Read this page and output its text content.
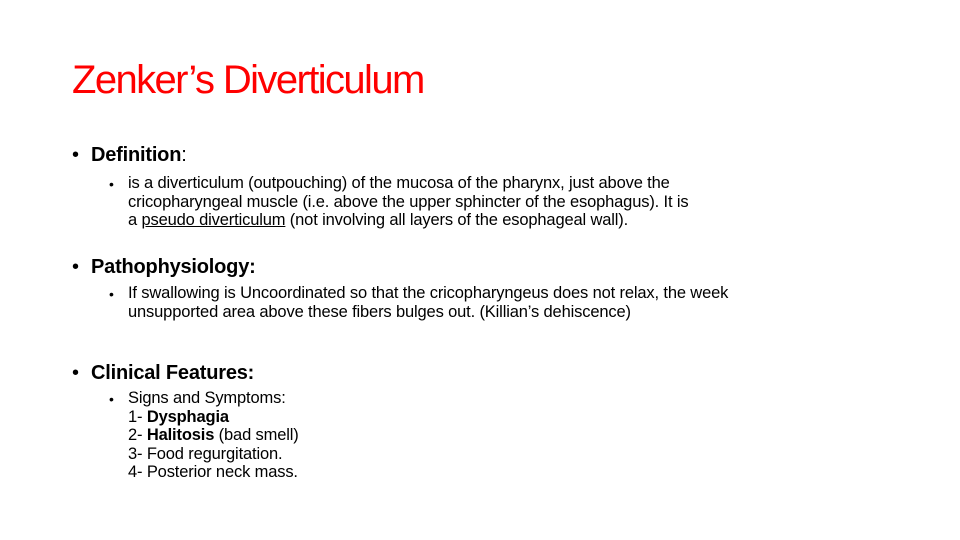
Zenker’s Diverticulum
• Definition:
• is a diverticulum (outpouching) of the mucosa of the pharynx, just above the
cricopharyngeal muscle (i.e. above the upper sphincter of the esophagus). It is
a pseudo diverticulum (not involving all layers of the esophageal wall).
• Pathophysiology:
• If swallowing is Uncoordinated so that the cricopharyngeus does not relax, the week
unsupported area above these fibers bulges out. (Killian’s dehiscence)
• Clinical Features:
• Signs and Symptoms:
1- Dysphagia
2- Halitosis (bad smell)
3- Food regurgitation.
4- Posterior neck mass.
